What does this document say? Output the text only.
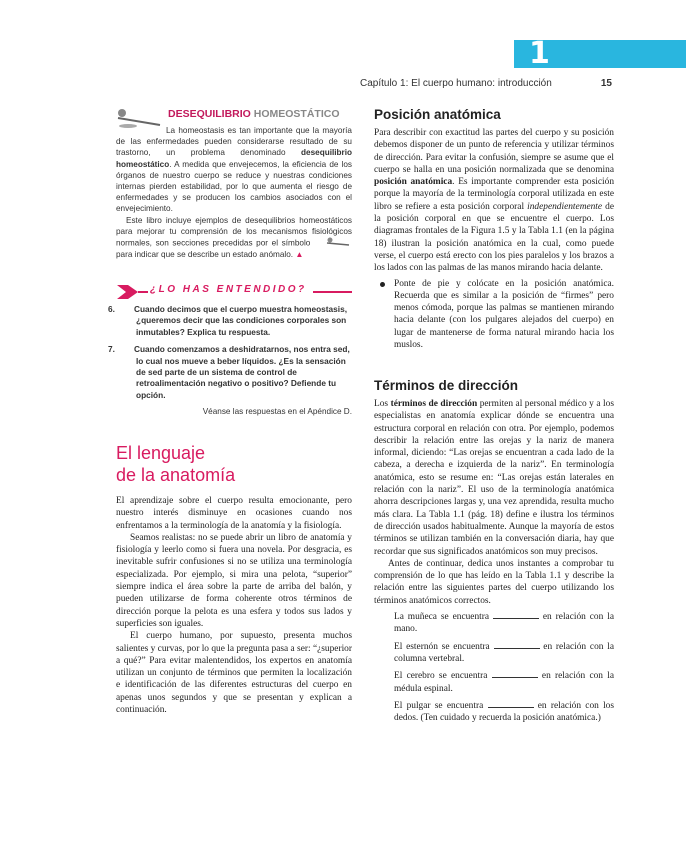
1
Capítulo 1: El cuerpo humano: introducción	15
DESEQUILIBRIO HOMEOSTÁTICO
La homeostasis es tan importante que la mayoría de las enfermedades pueden considerarse resultado de su trastorno, un problema denominado desequilibrio homeostático. A medida que envejecemos, la eficiencia de los órganos de nuestro cuerpo se reduce y nuestras condiciones internas pierden estabilidad, por lo que aumenta el riesgo de enfermedades y se producen los cambios asociados con el envejecimiento.
Este libro incluye ejemplos de desequilibrios homeostáticos para mejorar tu comprensión de los mecanismos fisiológicos normales, son secciones precedidas por el símbolo para indicar que se describe un estado anómalo. ▲
¿LO HAS ENTENDIDO?
6. Cuando decimos que el cuerpo muestra homeostasis, ¿queremos decir que las condiciones corporales son inmutables? Explica tu respuesta.
7. Cuando comenzamos a deshidratarnos, nos entra sed, lo cual nos mueve a beber líquidos. ¿Es la sensación de sed parte de un sistema de control de retroalimentación negativo o positivo? Defiende tu opción.
Véanse las respuestas en el Apéndice D.
El lenguaje
de la anatomía

El aprendizaje sobre el cuerpo resulta emocionante, pero nuestro interés disminuye en ocasiones cuando nos enfrentamos a la terminología de la anatomía y la fisiología.

Seamos realistas: no se puede abrir un libro de anatomía y fisiología y leerlo como si fuera una novela. Por desgracia, es inevitable sufrir confusiones si no se utiliza una terminología especializada. Por ejemplo, si mira una pelota, “superior” siempre indica el área sobre la parte de arriba del balón, y pueden utilizarse de forma coherente otros términos de dirección porque la pelota es una esfera y todos sus lados y superficies son iguales.

El cuerpo humano, por supuesto, presenta muchos salientes y curvas, por lo que la pregunta pasa a ser: “¿superior a qué?” Para evitar malentendidos, los expertos en anatomía utilizan un conjunto de términos que permiten la localización e identificación de las diferentes estructuras del cuerpo en apenas unos segundos y que se presentan y explican a continuación.

Posición anatómica

Para describir con exactitud las partes del cuerpo y su posición debemos disponer de un punto de referencia y utilizar términos de dirección. Para evitar la confusión, siempre se asume que el cuerpo se halla en una posición normalizada que se denomina posición anatómica. Es importante comprender esta posición porque la mayoría de la terminología corporal utilizada en este libro se refiere a esta posición corporal independientemente de la posición corporal en que se encuentre el cuerpo. Los diagramas frontales de la Figura 1.5 y la Tabla 1.1 (en la página 18) ilustran la posición anatómica en la cual, como puede verse, el cuerpo está erecto con los pies paralelos y los brazos a los lados con las palmas de las manos mirando hacia delante.

Ponte de pie y colócate en la posición anatómica. Recuerda que es similar a la posición de “firmes” pero menos cómoda, porque las palmas se mantienen mirando hacia delante (con los pulgares alejados del cuerpo) en lugar de mantenerse de forma natural mirando hacia los muslos.

Términos de dirección

Los términos de dirección permiten al personal médico y a los especialistas en anatomía explicar dónde se encuentra una estructura corporal en relación con otra. Por ejemplo, podemos describir la relación entre las orejas y la nariz de manera informal, diciendo: “Las orejas se encuentran a cada lado de la cabeza, a derecha e izquierda de la nariz”. En terminología anatómica, esto se resume en: “Las orejas están laterales en relación con la nariz”. El uso de la terminología anatómica ahorra descripciones largas y, una vez aprendida, resulta mucho más clara. La Tabla 1.1 (pág. 18) define e ilustra los términos de dirección usados habitualmente. Aunque la mayoría de estos términos se utilizan también en la conversación diaria, hay que recordar que sus significados anatómicos son muy precisos.

Antes de continuar, dedica unos instantes a comprobar tu comprensión de lo que has leído en la Tabla 1.1 y describe la relación entre las siguientes partes del cuerpo utilizando los términos anatómicos correctos.

La muñeca se encuentra	en relación con la mano.

El esternón se encuentra	en relación con la columna vertebral.

El cerebro se encuentra	en relación con la médula espinal.

El pulgar se encuentra	en relación con los dedos. (Ten cuidado y recuerda la posición anatómica.)
